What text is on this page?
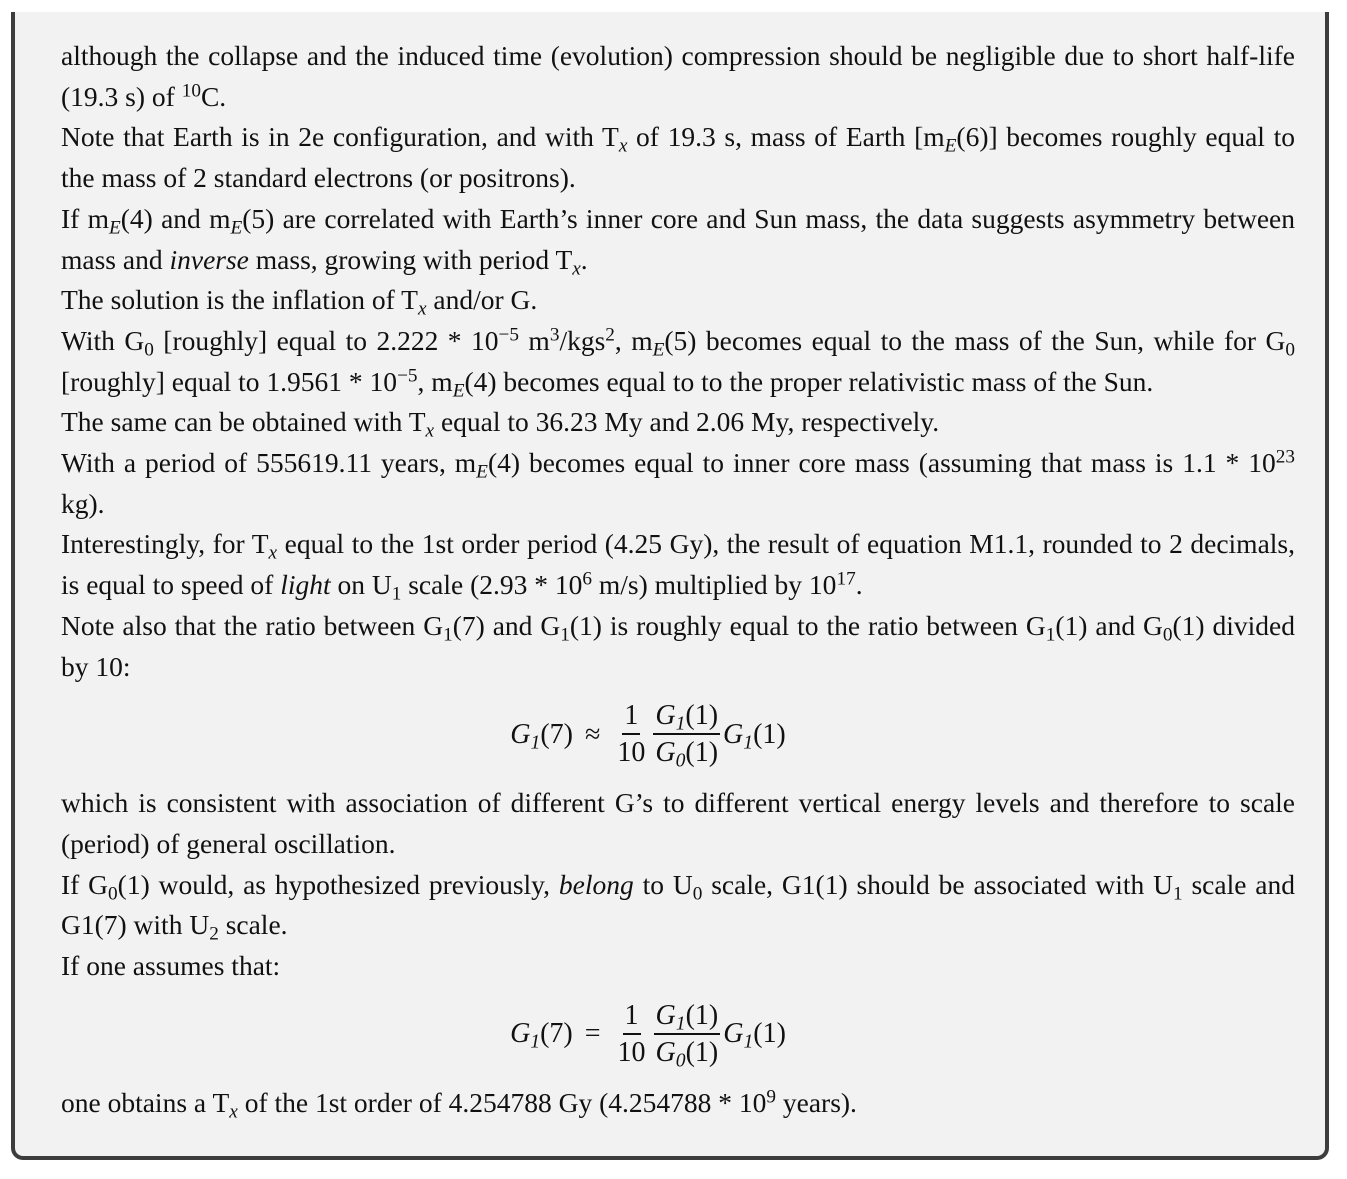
although the collapse and the induced time (evolution) compression should be negligible due to short half-life (19.3 s) of $^{10}$C.

Note that Earth is in 2e configuration, and with $T_x$ of 19.3 s, mass of Earth $[m_E(6)]$ becomes roughly equal to the mass of 2 standard electrons (or positrons).

If $m_E(4)$ and $m_E(5)$ are correlated with Earth’s inner core and Sun mass, the data suggests asymmetry between mass and inverse mass, growing with period $T_x$.

The solution is the inflation of $T_x$ and/or G.

With $G_0$ [roughly] equal to $2.222 * 10^{-5}$ $m^3/kgs^2$, $m_E(5)$ becomes equal to the mass of the Sun, while for $G_0$ [roughly] equal to $1.9561 * 10^{-5}$, $m_E(4)$ becomes equal to to the proper relativistic mass of the Sun.

The same can be obtained with $T_x$ equal to 36.23 My and 2.06 My, respectively.

With a period of 555619.11 years, $m_E(4)$ becomes equal to inner core mass (assuming that mass is $1.1 * 10^{23}$ kg).

Interestingly, for $T_x$ equal to the 1st order period (4.25 Gy), the result of equation M1.1, rounded to 2 decimals, is equal to speed of light on $U_1$ scale ($2.93 * 10^6$ m/s) multiplied by $10^{17}$.

Note also that the ratio between $G_1(7)$ and $G_1(1)$ is roughly equal to the ratio between $G_1(1)$ and $G_0(1)$ divided by 10:

$G_1(7) \approx \frac{1}{10} \frac{G_1(1)}{G_0(1)} G_1(1)$

which is consistent with association of different G’s to different vertical energy levels and therefore to scale (period) of general oscillation.

If $G_0(1)$ would, as hypothesized previously, belong to $U_0$ scale, G1(1) should be associated with $U_1$ scale and G1(7) with $U_2$ scale.

If one assumes that:

$G_1(7) = \frac{1}{10} \frac{G_1(1)}{G_0(1)} G_1(1)$

one obtains a $T_x$ of the 1st order of 4.254788 Gy ($4.254788 * 10^9$ years).
